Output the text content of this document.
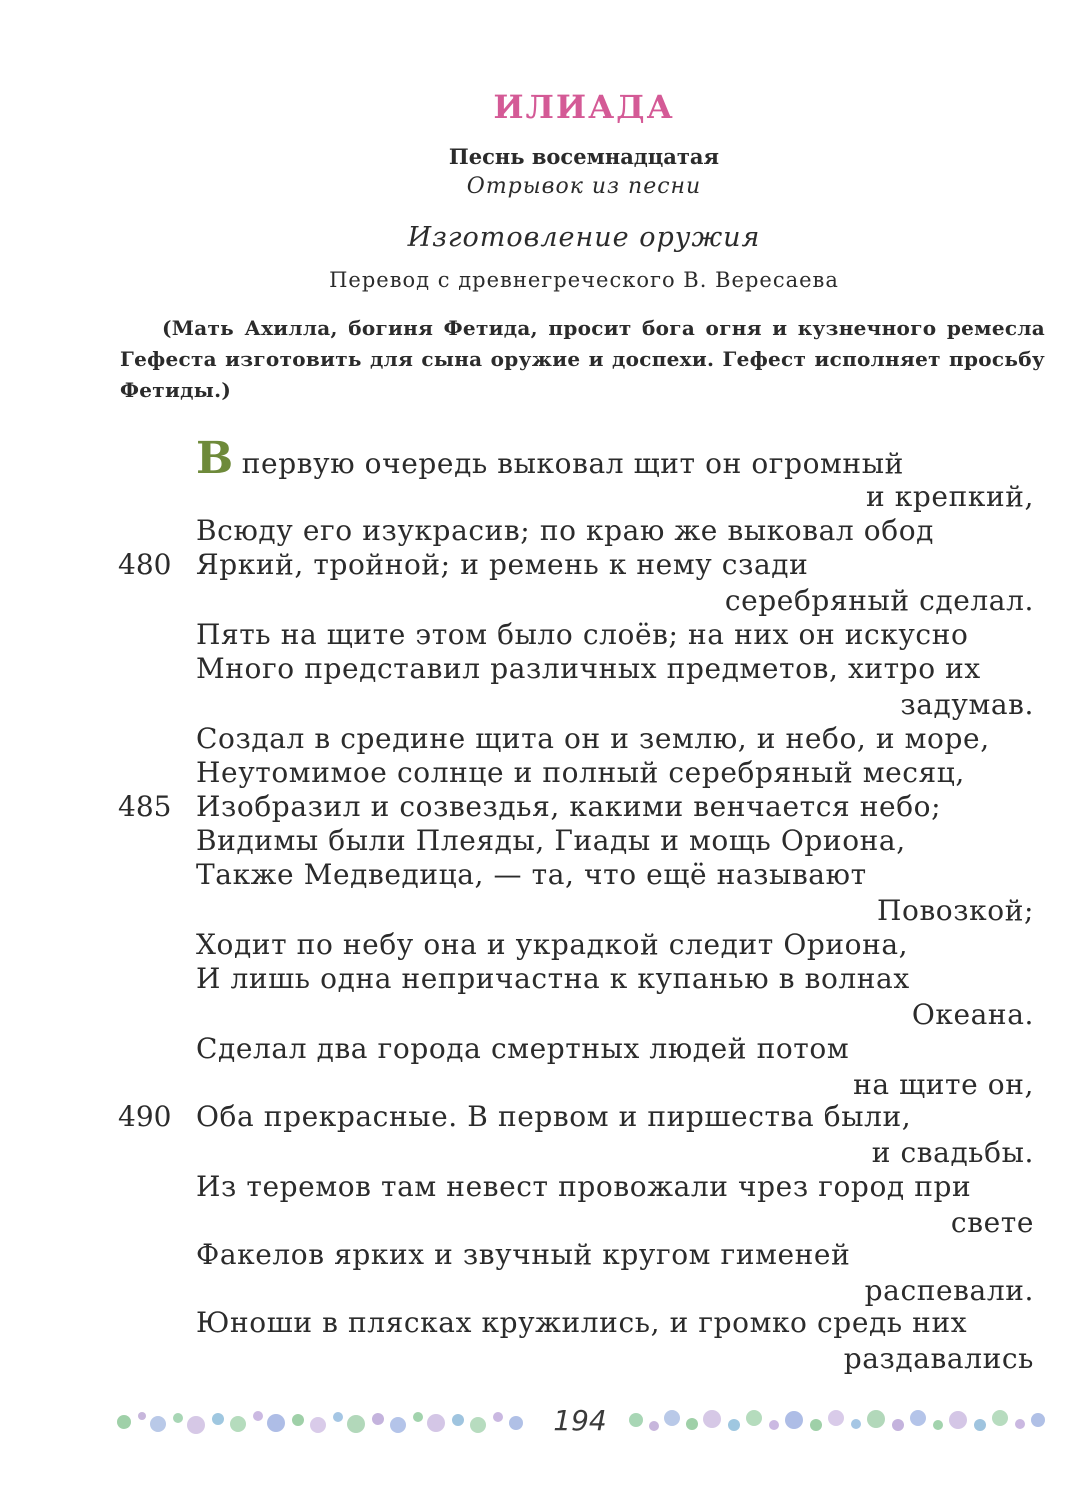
ИЛИАДА
Песнь восемнадцатая
Отрывок из песни
Изготовление оружия
Перевод с древнегреческого В. Вересаева
(Мать Ахилла, богиня Фетида, просит бога огня и кузнечного ремесла Гефеста изготовить для сына оружие и доспехи. Гефест исполняет просьбу Фетиды.)
Впервую очередь выковал щит он огромный
и крепкий,
Всюду его изукрасив; по краю же выковал обод
480 Яркий, тройной; и ремень к нему сзади
серебряный сделал.
Пять на щите этом было слоёв; на них он искусно
Много представил различных предметов, хитро их
задумав.
Создал в средине щита он и землю, и небо, и море,
Неутомимое солнце и полный серебряный месяц,
485 Изобразил и созвездья, какими венчается небо;
Видимы были Плеяды, Гиады и мощь Ориона,
Также Медведица, — та, что ещё называют
Повозкой;
Ходит по небу она и украдкой следит Ориона,
И лишь одна непричастна к купанью в волнах
Океана.
Сделал два города смертных людей потом
на щите он,
490 Оба прекрасные. В первом и пиршества были,
и свадьбы.
Из теремов там невест провожали чрез город при
свете
Факелов ярких и звучный кругом гименей
распевали.
Юноши в плясках кружились, и громко средь них
раздавались
194
